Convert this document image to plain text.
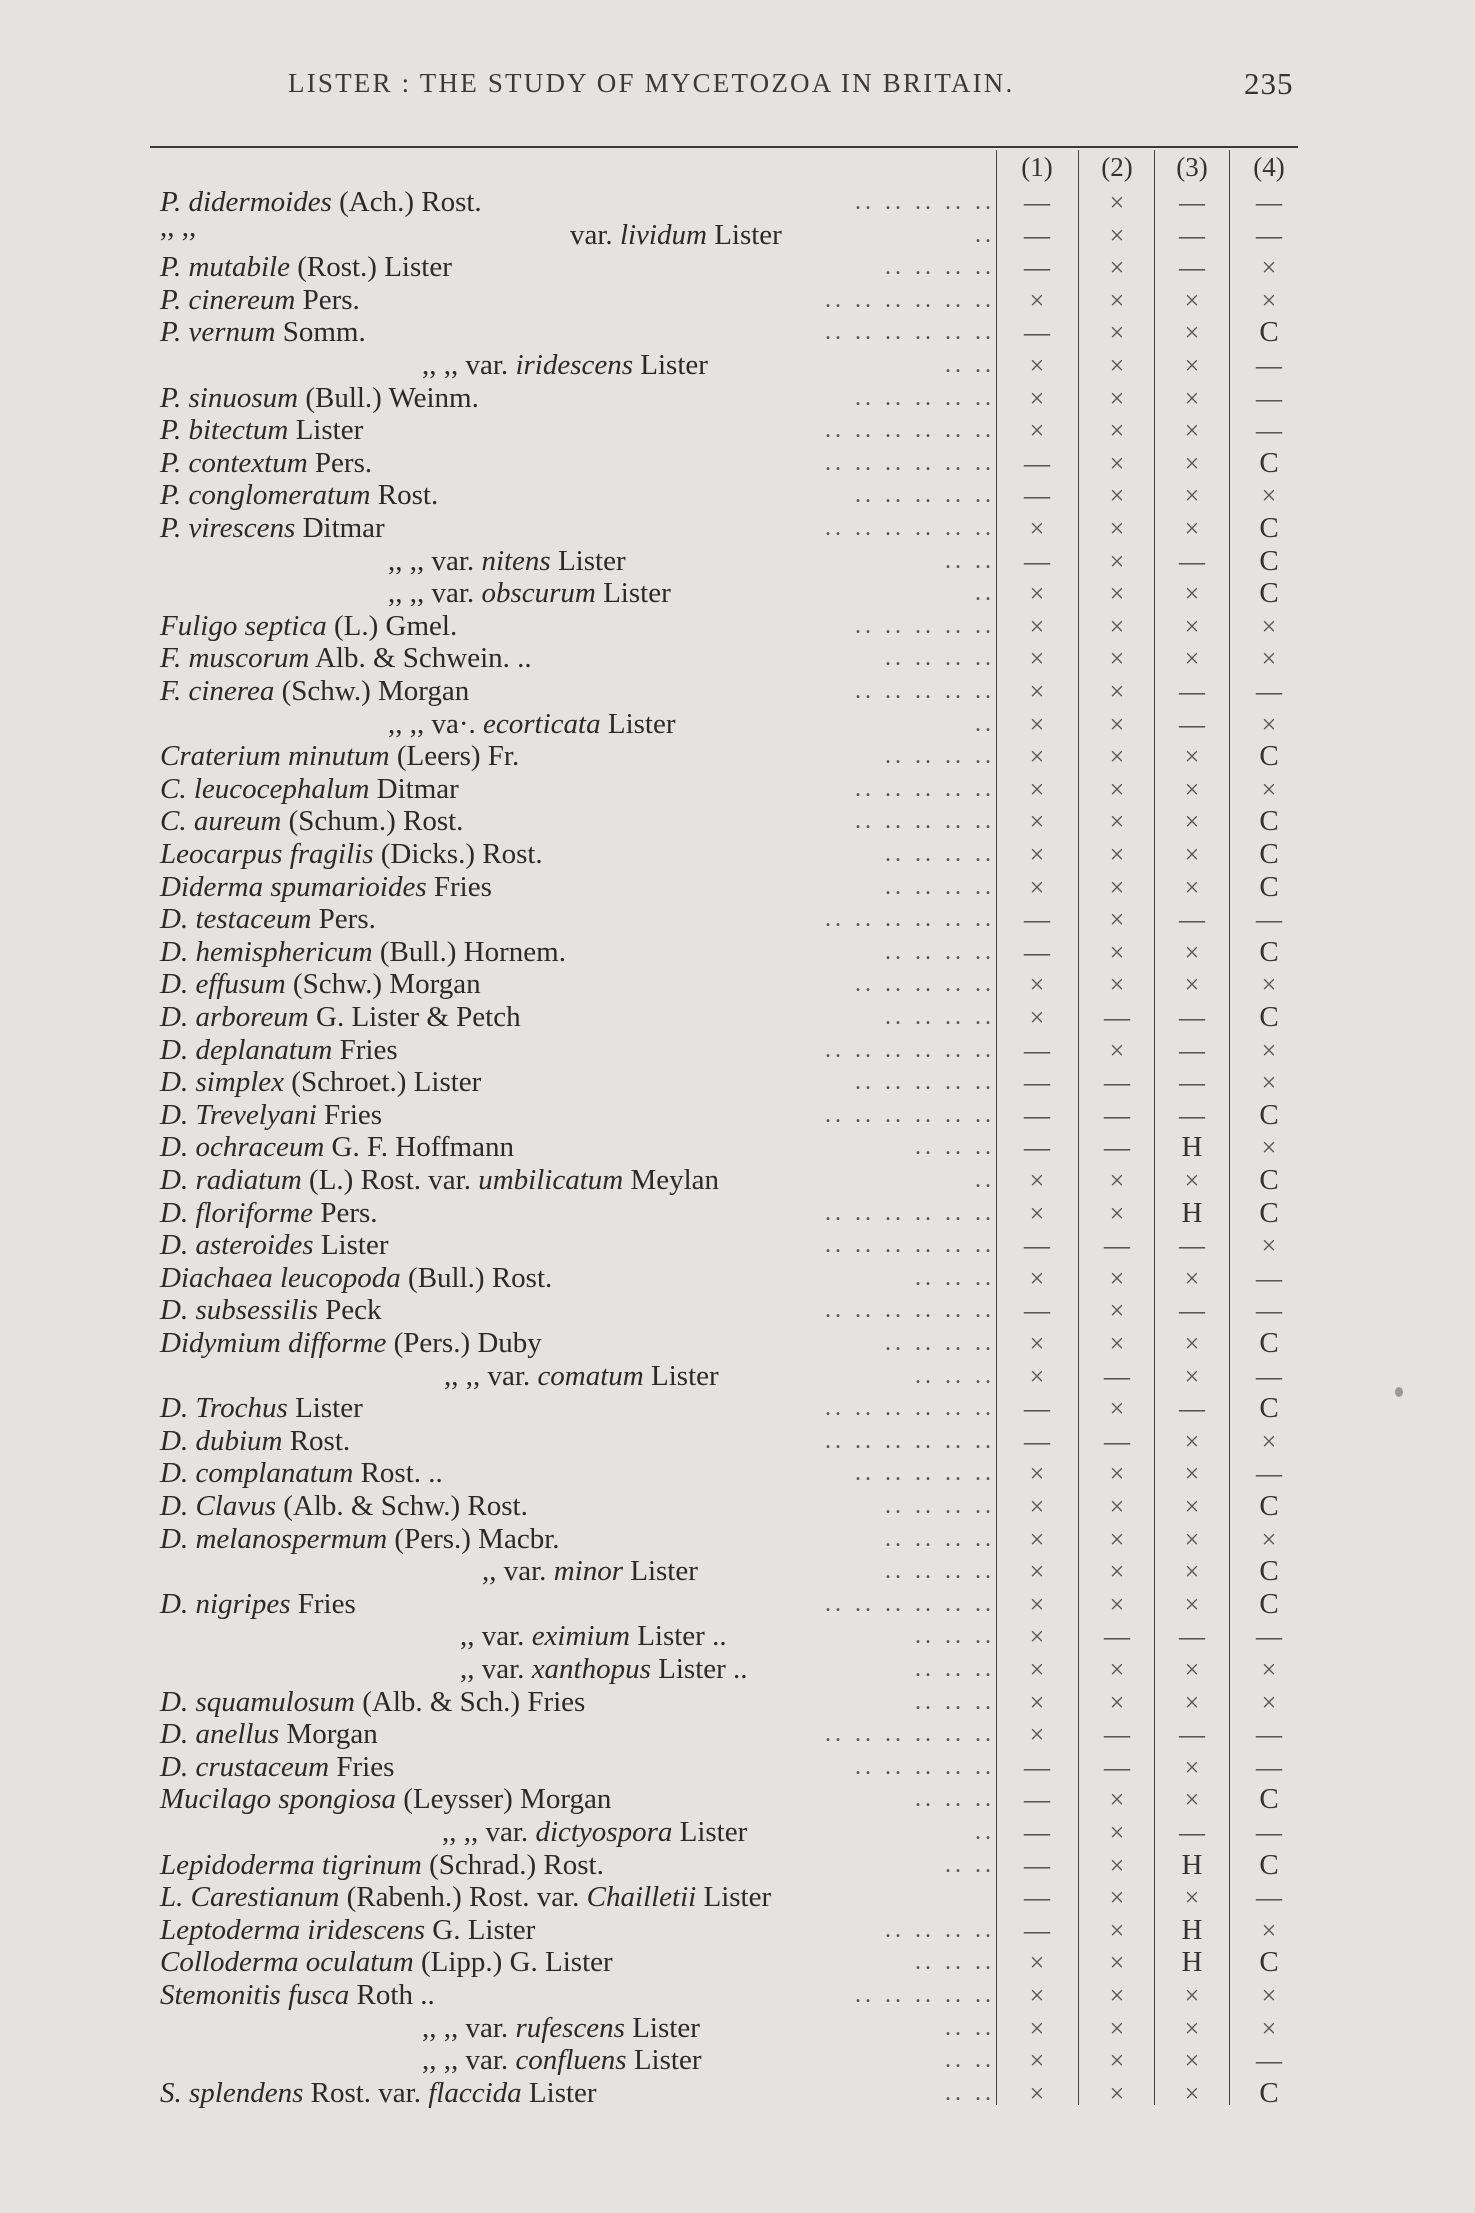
LISTER : THE STUDY OF MYCETOZOA IN BRITAIN.	235
(1)	(2)	(3)	(4)
P. didermoides (Ach.) Rost.	.. .. .. .. ..	—	×	—	—
,, ,,	var. lividum Lister	..	—	×	—	—
P. mutabile (Rost.) Lister	.. .. .. ..	—	×	—	×
P. cinereum Pers.	.. .. .. .. .. ..	×	×	×	×
P. vernum Somm.	.. .. .. .. .. ..	—	×	×	C
,, ,, var. iridescens Lister	.. ..	×	×	×	—
P. sinuosum (Bull.) Weinm.	.. .. .. .. ..	×	×	×	—
P. bitectum Lister	.. .. .. .. .. ..	×	×	×	—
P. contextum Pers.	.. .. .. .. .. ..	—	×	×	C
P. conglomeratum Rost.	.. .. .. .. ..	—	×	×	×
P. virescens Ditmar	.. .. .. .. .. ..	×	×	×	C
,, ,, var. nitens Lister	.. ..	—	×	—	C
,, ,, var. obscurum Lister	..	×	×	×	C
Fuligo septica (L.) Gmel.	.. .. .. .. ..	×	×	×	×
F. muscorum Alb. & Schwein. ..	.. .. .. ..	×	×	×	×
F. cinerea (Schw.) Morgan	.. .. .. .. ..	×	×	—	—
,, ,, va·. ecorticata Lister	..	×	×	—	×
Craterium minutum (Leers) Fr.	.. .. .. ..	×	×	×	C
C. leucocephalum Ditmar	.. .. .. .. ..	×	×	×	×
C. aureum (Schum.) Rost.	.. .. .. .. ..	×	×	×	C
Leocarpus fragilis (Dicks.) Rost.	.. .. .. ..	×	×	×	C
Diderma spumarioides Fries	.. .. .. ..	×	×	×	C
D. testaceum Pers.	.. .. .. .. .. ..	—	×	—	—
D. hemisphericum (Bull.) Hornem.	.. .. .. ..	—	×	×	C
D. effusum (Schw.) Morgan	.. .. .. .. ..	×	×	×	×
D. arboreum G. Lister & Petch	.. .. .. ..	×	—	—	C
D. deplanatum Fries	.. .. .. .. .. ..	—	×	—	×
D. simplex (Schroet.) Lister	.. .. .. .. ..	—	—	—	×
D. Trevelyani Fries	.. .. .. .. .. ..	—	—	—	C
D. ochraceum G. F. Hoffmann	.. .. ..	—	—	H	×
D. radiatum (L.) Rost. var. umbilicatum Meylan	..	×	×	×	C
D. floriforme Pers.	.. .. .. .. .. ..	×	×	H	C
D. asteroides Lister	.. .. .. .. .. ..	—	—	—	×
Diachaea leucopoda (Bull.) Rost.	.. .. ..	×	×	×	—
D. subsessilis Peck	.. .. .. .. .. ..	—	×	—	—
Didymium difforme (Pers.) Duby	.. .. .. ..	×	×	×	C
,, ,, var. comatum Lister	.. .. ..	×	—	×	—
D. Trochus Lister	.. .. .. .. .. ..	—	×	—	C
D. dubium Rost.	.. .. .. .. .. ..	—	—	×	×
D. complanatum Rost. ..	.. .. .. .. ..	×	×	×	—
D. Clavus (Alb. & Schw.) Rost.	.. .. .. ..	×	×	×	C
D. melanospermum (Pers.) Macbr.	.. .. .. ..	×	×	×	×
,, var. minor Lister	.. .. .. ..	×	×	×	C
D. nigripes Fries	.. .. .. .. .. ..	×	×	×	C
,, var. eximium Lister ..	.. .. ..	×	—	—	—
,, var. xanthopus Lister ..	.. .. ..	×	×	×	×
D. squamulosum (Alb. & Sch.) Fries	.. .. ..	×	×	×	×
D. anellus Morgan	.. .. .. .. .. ..	×	—	—	—
D. crustaceum Fries	.. .. .. .. ..	—	—	×	—
Mucilago spongiosa (Leysser) Morgan	.. .. ..	—	×	×	C
,, ,, var. dictyospora Lister	..	—	×	—	—
Lepidoderma tigrinum (Schrad.) Rost.	.. ..	—	×	H	C
L. Carestianum (Rabenh.) Rost. var. Chailletii Lister	—	×	×	—
Leptoderma iridescens G. Lister	.. .. .. ..	—	×	H	×
Colloderma oculatum (Lipp.) G. Lister	.. .. ..	×	×	H	C
Stemonitis fusca Roth ..	.. .. .. .. ..	×	×	×	×
,, ,, var. rufescens Lister	.. ..	×	×	×	×
,, ,, var. confluens Lister	.. ..	×	×	×	—
S. splendens Rost. var. flaccida Lister	.. ..	×	×	×	C
